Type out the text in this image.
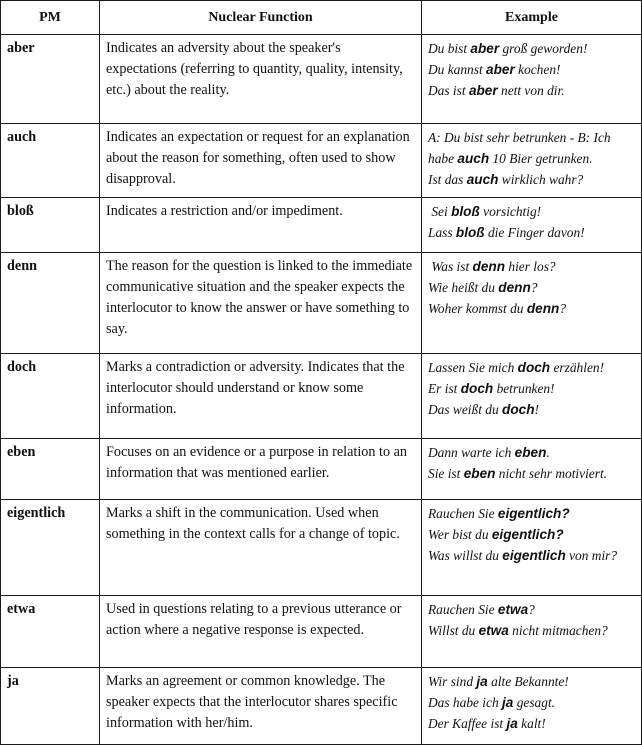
PM	Nuclear Function	Example
aber	Indicates an adversity about the speaker's expectations (referring to quantity, quality, intensity, etc.) about the reality.	Du bist aber groß geworden!
Du kannst aber kochen!
Das ist aber nett von dir.

auch	Indicates an expectation or request for an explanation about the reason for something, often used to show disapproval.	A: Du bist sehr betrunken - B: Ich habe auch 10 Bier getrunken.
Ist das auch wirklich wahr?

bloß	Indicates a restriction and/or impediment.	Sei bloß vorsichtig!
Lass bloß die Finger davon!

denn	The reason for the question is linked to the immediate communicative situation and the speaker expects the interlocutor to know the answer or have something to say.	Was ist denn hier los?
Wie heißt du denn?
Woher kommst du denn?

doch	Marks a contradiction or adversity. Indicates that the interlocutor should understand or know some information.	Lassen Sie mich doch erzählen!
Er ist doch betrunken!
Das weißt du doch!

eben	Focuses on an evidence or a purpose in relation to an information that was mentioned earlier.	Dann warte ich eben.
Sie ist eben nicht sehr motiviert.

eigentlich	Marks a shift in the communication. Used when something in the context calls for a change of topic.	Rauchen Sie eigentlich?
Wer bist du eigentlich?
Was willst du eigentlich von mir?

etwa	Used in questions relating to a previous utterance or action where a negative response is expected.	Rauchen Sie etwa?
Willst du etwa nicht mitmachen?

ja	Marks an agreement or common knowledge. The speaker expects that the interlocutor shares specific information with her/him.	Wir sind ja alte Bekannte!
Das habe ich ja gesagt.
Der Kaffee ist ja kalt!
